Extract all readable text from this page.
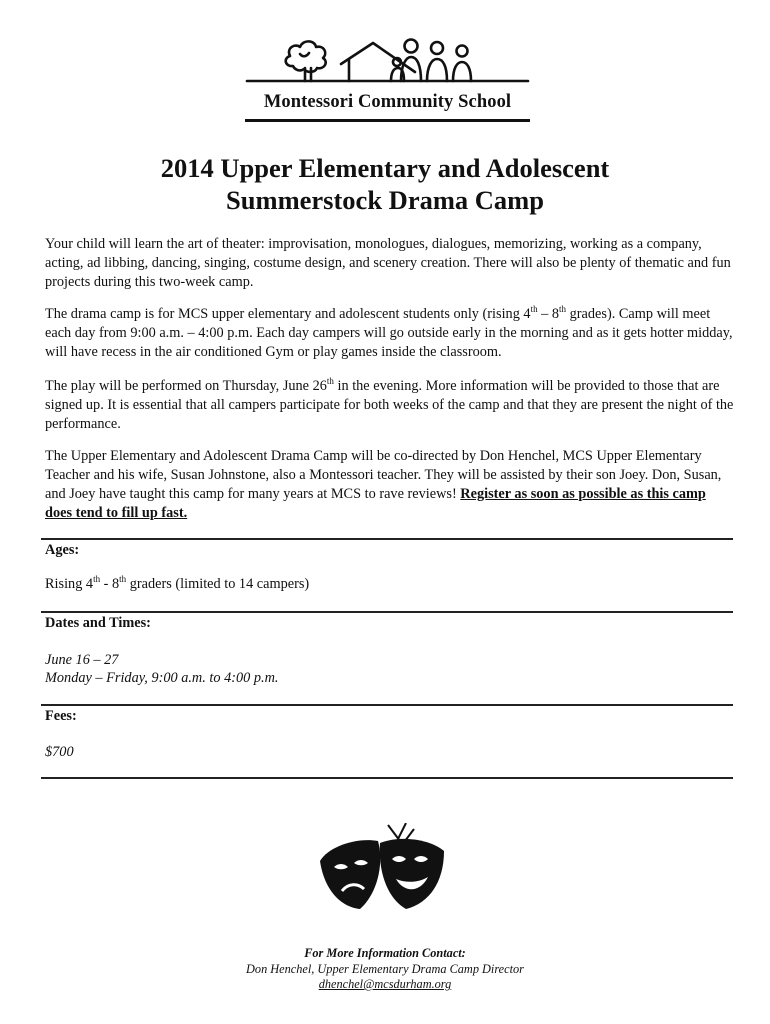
Montessori Community School
2014 Upper Elementary and Adolescent
Summerstock Drama Camp

Your child will learn the art of theater: improvisation, monologues, dialogues, memorizing, working as a company, acting, ad libbing, dancing, singing, costume design, and scenery creation. There will also be plenty of thematic and fun projects during this two-week camp.

The drama camp is for MCS upper elementary and adolescent students only (rising 4th – 8th grades). Camp will meet each day from 9:00 a.m. – 4:00 p.m. Each day campers will go outside early in the morning and as it gets hotter midday, will have recess in the air conditioned Gym or play games inside the classroom.

The play will be performed on Thursday, June 26th in the evening. More information will be provided to those that are signed up. It is essential that all campers participate for both weeks of the camp and that they are present the night of the performance.

The Upper Elementary and Adolescent Drama Camp will be co-directed by Don Henchel, MCS Upper Elementary Teacher and his wife, Susan Johnstone, also a Montessori teacher. They will be assisted by their son Joey. Don, Susan, and Joey have taught this camp for many years at MCS to rave reviews! Register as soon as possible as this camp does tend to fill up fast.

Ages:
Rising 4th - 8th graders (limited to 14 campers)
Dates and Times:
June 16 – 27
Monday – Friday, 9:00 a.m. to 4:00 p.m.
Fees:
$700
For More Information Contact:
Don Henchel, Upper Elementary Drama Camp Director
dhenchel@mcsdurham.org
